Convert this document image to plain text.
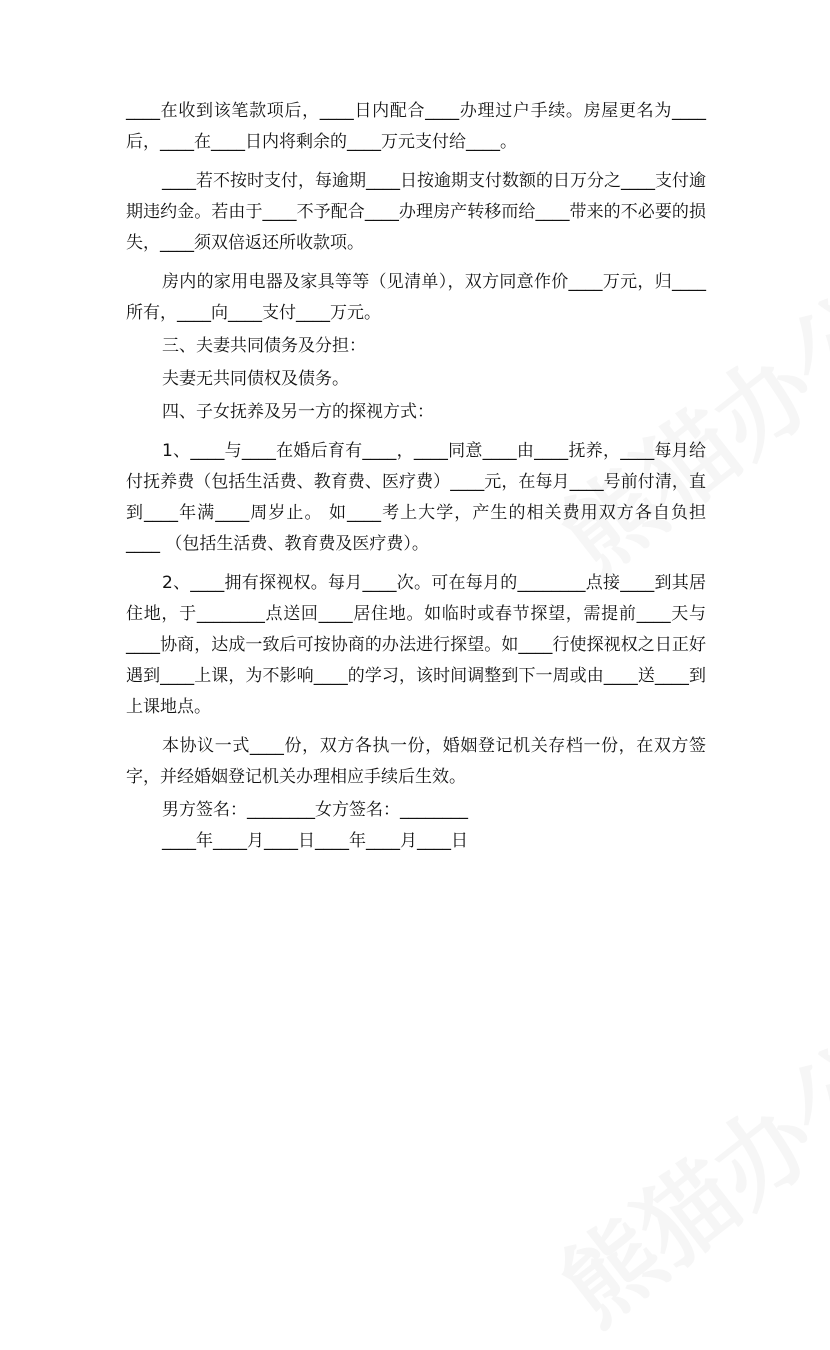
____在收到该笔款项后，____日内配合____办理过户手续。房屋更名为____后，____在____日内将剩余的____万元支付给____。

____若不按时支付，每逾期____日按逾期支付数额的日万分之____支付逾期违约金。若由于____不予配合____办理房产转移而给____带来的不必要的损失，____须双倍返还所收款项。

房内的家用电器及家具等等（见清单），双方同意作价____万元，归____所有，____向____支付____万元。

三、夫妻共同债务及分担：

夫妻无共同债权及债务。

四、子女抚养及另一方的探视方式：

1、____与____在婚后育有____，____同意____由____抚养，____每月给付抚养费（包括生活费、教育费、医疗费）____元，在每月____号前付清，直到____年满____周岁止。 如____考上大学，产生的相关费用双方各自负担____ （包括生活费、教育费及医疗费）。

2、____拥有探视权。每月____次。可在每月的________点接____到其居住地，于________点送回____居住地。如临时或春节探望，需提前____天与____协商，达成一致后可按协商的办法进行探望。如____行使探视权之日正好遇到____上课，为不影响____的学习，该时间调整到下一周或由____送____到上课地点。

本协议一式____份，双方各执一份，婚姻登记机关存档一份，在双方签字，并经婚姻登记机关办理相应手续后生效。

男方签名：________女方签名：________

____年____月____日____年____月____日
